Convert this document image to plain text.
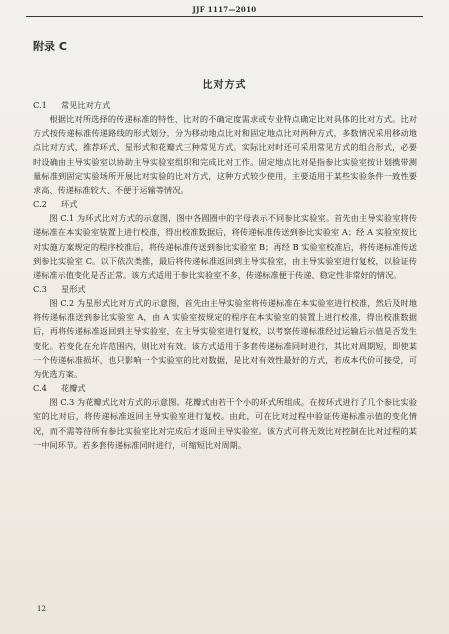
JJF 1117—2010
附录 C
比对方式
C.1 常见比对方式
根据比对所选择的传递标准的特性、比对的不确定度需求或专业特点确定比对具体的比对方式。比对方式按传递标准传递路线的形式划分，分为移动地点比对和固定地点比对两种方式，多数情况采用移动地点比对方式，推荐环式、星形式和花瓣式三种常见方式。实际比对时还可采用常见方式的组合形式，必要时设确由主导实验室以协助主导实验室组织和完成比对工作。固定地点比对是指参比实验室按计划携带测量标准到固定实验场所开展比对实验的比对方式，这种方式较少使用，主要适用于某些实验条件一致性要求高、传递标准较大、不便于运输等情况。
C.2 环式
图 C.1 为环式比对方式的示意图，图中各圆圈中的字母表示不同参比实验室。首先由主导实验室将传递标准在本实验室装置上进行校准，得出校准数据后，将传递标准传送到参比实验室 A；经 A 实验室按比对实施方案规定的程序校准后，将传递标准传送到参比实验室 B；再经 B 实验室校准后，将传递标准传送到参比实验室 C。以下依次类推，最后将传递标准返回到主导实验室，由主导实验室进行复校，以验证传递标准示值变化是否正常。该方式适用于参比实验室不多，传递标准便于传递、稳定性非常好的情况。
C.3 星形式
图 C.2 为星形式比对方式的示意图，首先由主导实验室将传递标准在本实验室进行校准，然后及时地将传递标准送到参比实验室 A，由 A 实验室按规定的程序在本实验室的装置上进行校准，得出校准数据后，再将传递标准返回到主导实验室，在主导实验室进行复校，以考察传递标准经过运输后示值是否发生变化。若变化在允许范围内，则比对有效。该方式适用于多套传递标准同时进行，其比对周期短，即使某一个传递标准损坏，也只影响一个实验室的比对数据，是比对有效性最好的方式，若成本代价可接受，可为优选方案。
C.4 花瓣式
图 C.3 为花瓣式比对方式的示意图。花瓣式由若干个小的环式所组成。在按环式进行了几个参比实验室的比对后，将传递标准返回主导实验室进行复校。由此，可在比对过程中验证传递标准示值的变化情况，而不需等待所有参比实验室比对完成后才返回主导实验室。该方式可将无效比对控制在比对过程的某一中间环节。若多套传递标准同时进行，可缩短比对周期。
12
